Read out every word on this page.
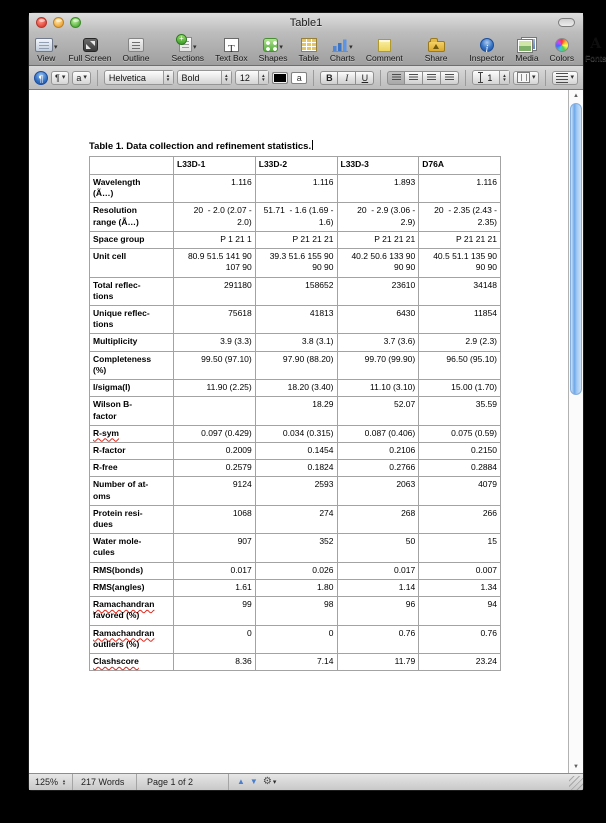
Table1
▾
View Full Screen Outline
+
▾
Sections
T Text Box
▾
Shapes Table
▾
Charts Comment	Share
i	Inspector Media Colors
A Fonts
¶	¶ ▾ a ▾	Helvetica ▲ ▼	Bold ▲ ▼	12 ▲ ▼	a	B	I	U	1 ▲ ▼	▾	▾
Table 1. Data collection and refinement statistics.
	L33D-1	L33D-2	L33D-3	D76A
Wavelength
(Ã…)	1.116	1.116	1.893	1.116
Resolution
range (Ã…)	20  - 2.0 (2.07 - 2.0)	51.71  - 1.6 (1.69 - 1.6)	20  - 2.9 (3.06 - 2.9)	20  - 2.35 (2.43 - 2.35)
Space group	P 1 21 1	P 21 21 21	P 21 21 21	P 21 21 21
Unit cell	80.9 51.5 141 90 107 90	39.3 51.6 155 90 90 90	40.2 50.6 133 90 90 90	40.5 51.1 135 90 90 90
Total reflec-
tions	291180	158652	23610	34148
Unique reflec-
tions	75618	41813	6430	11854
Multiplicity	3.9 (3.3)	3.8 (3.1)	3.7 (3.6)	2.9 (2.3)
Completeness
(%)	99.50 (97.10)	97.90 (88.20)	99.70 (99.90)	96.50 (95.10)
I/sigma(I)	11.90 (2.25)	18.20 (3.40)	11.10 (3.10)	15.00 (1.70)
Wilson B-
factor		18.29	52.07	35.59
R-sym	0.097 (0.429)	0.034 (0.315)	0.087 (0.406)	0.075 (0.59)
R-factor	0.2009	0.1454	0.2106	0.2150
R-free	0.2579	0.1824	0.2766	0.2884
Number of at-
oms	9124	2593	2063	4079
Protein resi-
dues	1068	274	268	266
Water mole-
cules	907	352	50	15
RMS(bonds)	0.017	0.026	0.017	0.007
RMS(angles)	1.61	1.80	1.14	1.34
Ramachandran
favored (%)	99	98	96	94
Ramachandran
outliers (%)	0	0	0.76	0.76
Clashscore	8.36	7.14	11.79	23.24
▲
▼
125% ▲ ▼	217 Words	Page 1 of 2	▲ ▼ ⚙▾
